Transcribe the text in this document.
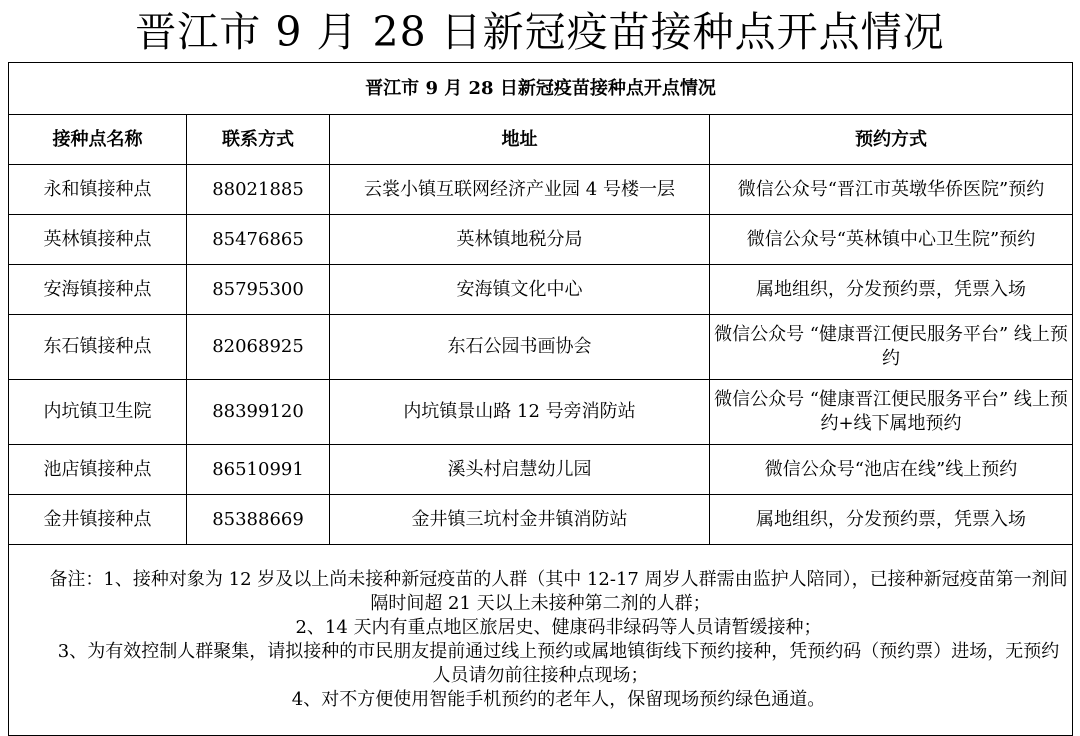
晋江市 9 月 28 日新冠疫苗接种点开点情况
晋江市 9 月 28 日新冠疫苗接种点开点情况			
接种点名称	联系方式	地址	预约方式
永和镇接种点	88021885	云裳小镇互联网经济产业园 4 号楼一层	微信公众号“晋江市英墩华侨医院”预约
英林镇接种点	85476865	英林镇地税分局	微信公众号“英林镇中心卫生院”预约
安海镇接种点	85795300	安海镇文化中心	属地组织，分发预约票，凭票入场
东石镇接种点	82068925	东石公园书画协会	微信公众号 “健康晋江便民服务平台” 线上预约
内坑镇卫生院	88399120	内坑镇景山路 12 号旁消防站	微信公众号 “健康晋江便民服务平台” 线上预约+线下属地预约
池店镇接种点	86510991	溪头村启慧幼儿园	微信公众号“池店在线”线上预约
金井镇接种点	85388669	金井镇三坑村金井镇消防站	属地组织，分发预约票，凭票入场

备注：1、接种对象为 12 岁及以上尚未接种新冠疫苗的人群（其中 12-17 周岁人群需由监护人陪同），已接种新冠疫苗第一剂间隔时间超 21 天以上未接种第二剂的人群；

2、14 天内有重点地区旅居史、健康码非绿码等人员请暂缓接种；

3、为有效控制人群聚集，请拟接种的市民朋友提前通过线上预约或属地镇街线下预约接种，凭预约码（预约票）进场，无预约人员请勿前往接种点现场；

4、对不方便使用智能手机预约的老年人，保留现场预约绿色通道。			
